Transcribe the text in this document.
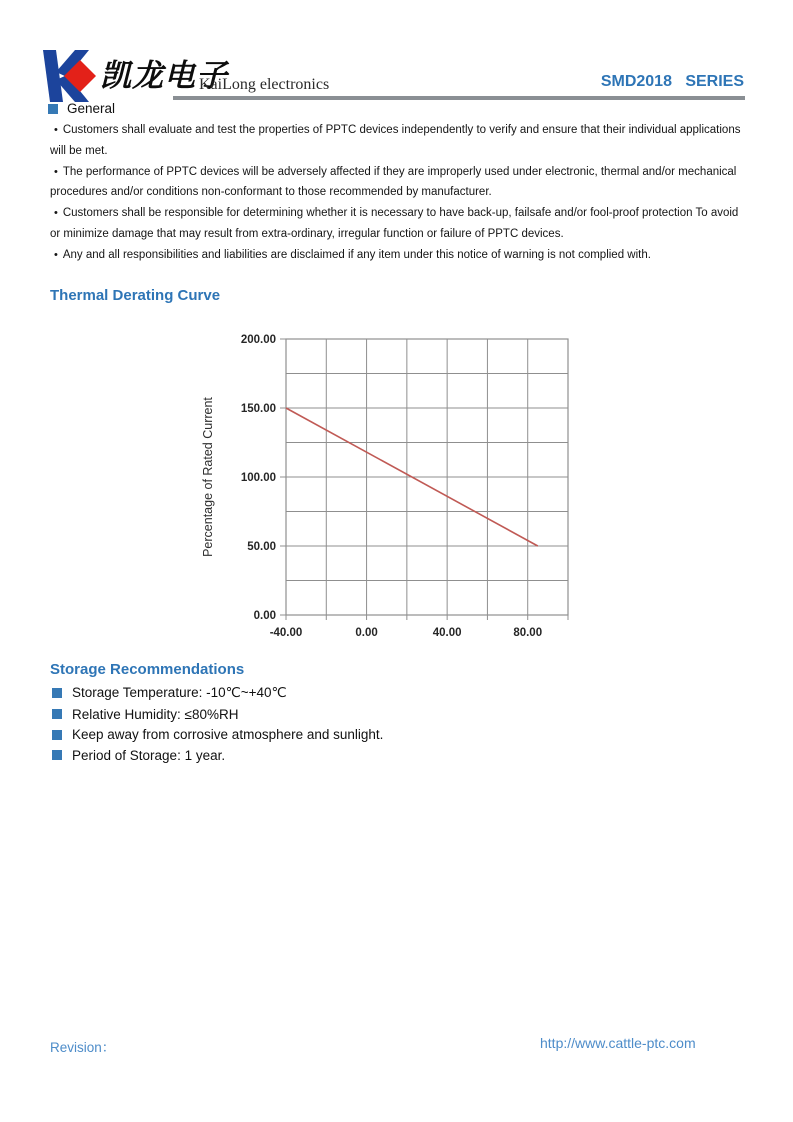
凯龙电子
KaiLong electronics	SMD2018   SERIES
General

• Customers shall evaluate and test the properties of PPTC devices independently to verify and ensure that their individual applications will be met.

• The performance of PPTC devices will be adversely affected if they are improperly used under electronic, thermal and/or mechanical procedures and/or conditions non-conformant to those recommended by manufacturer.

• Customers shall be responsible for determining whether it is necessary to have back-up, failsafe and/or fool-proof protection To avoid or minimize damage that may result from extra-ordinary, irregular function or failure of PPTC devices.

• Any and all responsibilities and liabilities are disclaimed if any item under this notice of warning is not complied with.

Thermal Derating Curve
0.00
50.00
100.00
150.00
200.00
-40.00	0.00	40.00	80.00
Percentage of Rated Current
Storage Recommendations
Storage Temperature: -10℃~+40℃
Relative Humidity: ≤80%RH
Keep away from corrosive atmosphere and sunlight.
Period of Storage: 1 year.
Revision：	http://www.cattle-ptc.com
